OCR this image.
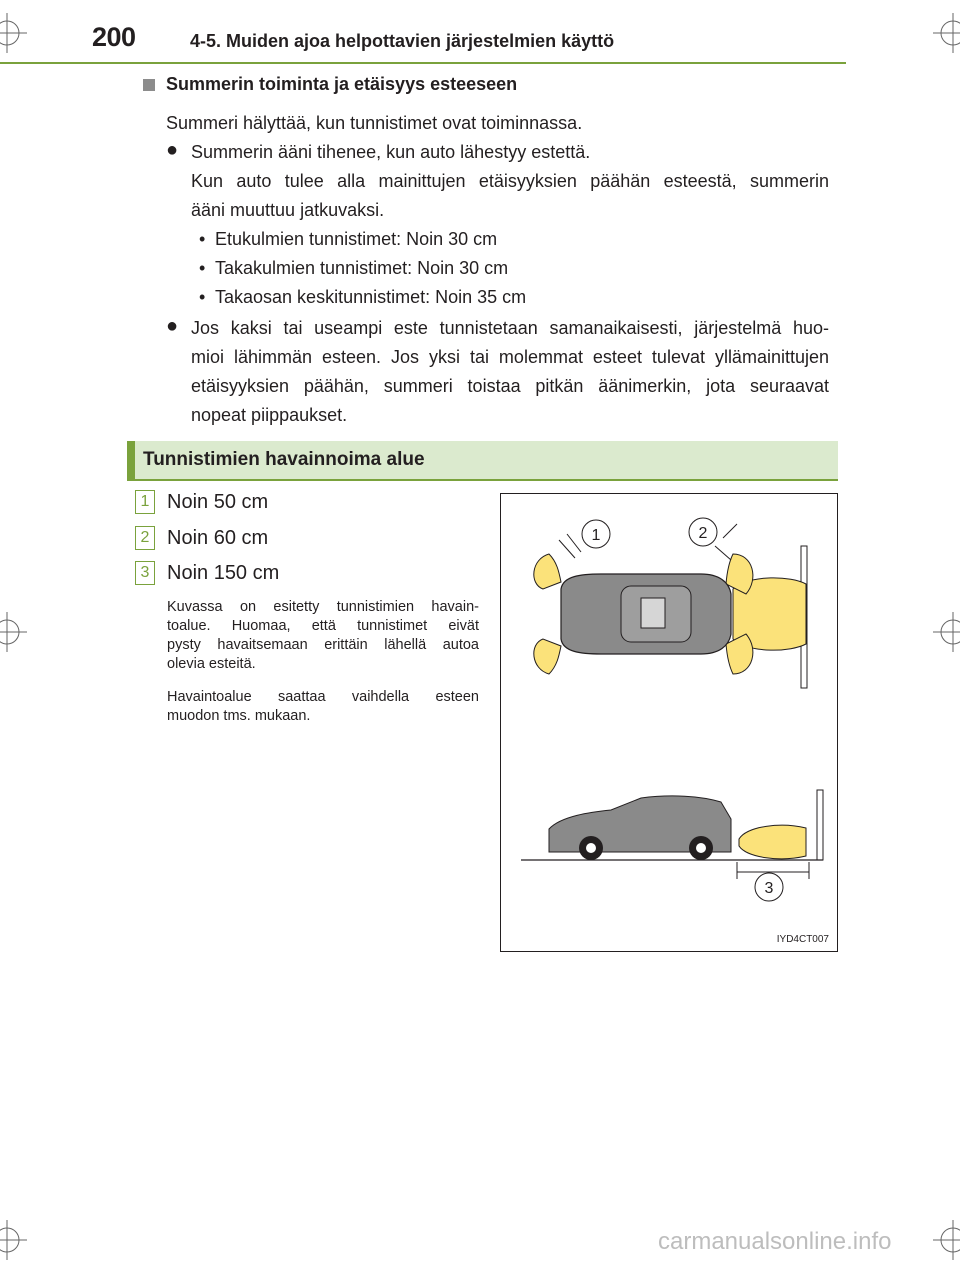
200	4-5. Muiden ajoa helpottavien järjestelmien käyttö
Summerin toiminta ja etäisyys esteeseen
Summeri hälyttää, kun tunnistimet ovat toiminnassa.
● Summerin ääni tihenee, kun auto lähestyy estettä.
Kun auto tulee alla mainittujen etäisyyksien päähän esteestä, summerin
ääni muuttuu jatkuvaksi.
• Etukulmien tunnistimet: Noin 30 cm
• Takakulmien tunnistimet: Noin 30 cm
• Takaosan keskitunnistimet: Noin 35 cm
● Jos kaksi tai useampi este tunnistetaan samanaikaisesti, järjestelmä huo-
mioi lähimmän esteen. Jos yksi tai molemmat esteet tulevat yllämainittujen
etäisyyksien päähän, summeri toistaa pitkän äänimerkin, jota seuraavat
nopeat piippaukset.
Tunnistimien havainnoima alue
1 Noin 50 cm
2 Noin 60 cm
3 Noin 150 cm
Kuvassa on esitetty tunnistimien havain-
toalue. Huomaa, että tunnistimet eivät
pysty havaitsemaan erittäin lähellä autoa
olevia esteitä.
Havaintoalue saattaa vaihdella esteen
muodon tms. mukaan.
1	2
3
IYD4CT007
carmanualsonline.info
